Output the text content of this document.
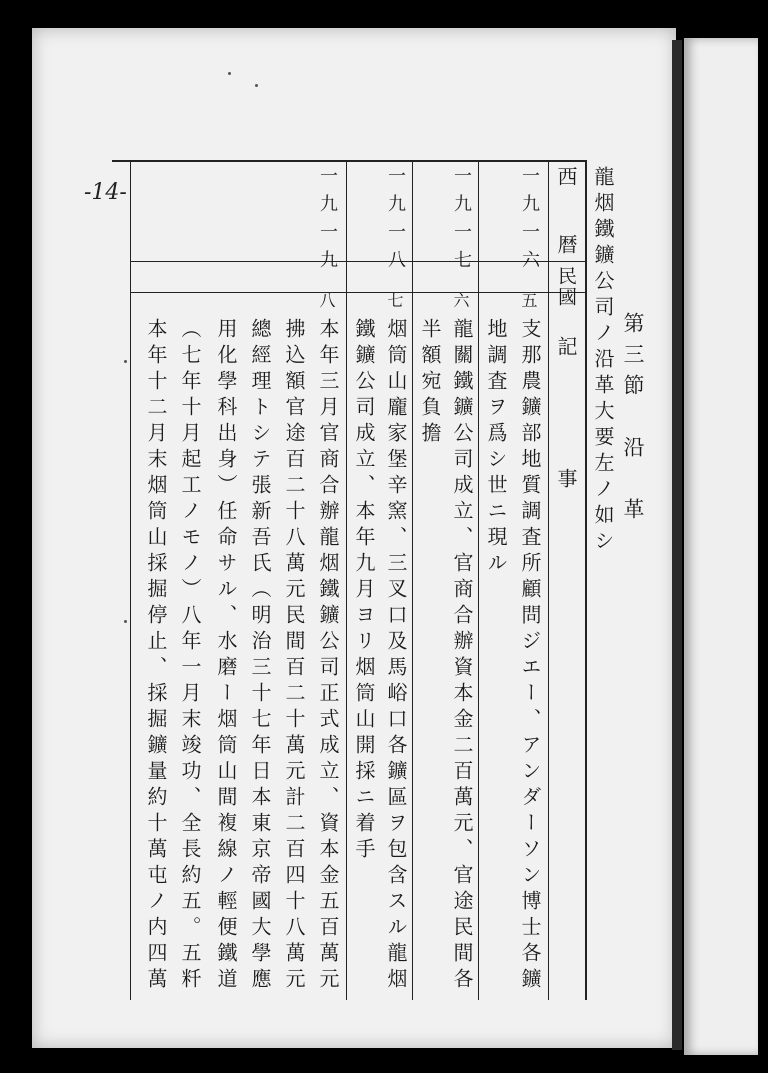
-14-
第三節　沿　革
龍烟鐵鑛公司ノ沿革大要左ノ如シ
西　暦
民國
記　　事
一九一六
五
支那農鑛部地質調査所顧問ジエー、アンダーソン博士各鑛
地調査ヲ爲シ世ニ現ル
一九一七
六
龍關鐵鑛公司成立、官商合辦資本金二百萬元、官途民間各
半額宛負擔
一九一八
七
烟筒山龐家堡辛窯、三叉口及馬峪口各鑛區ヲ包含スル龍烟
鐵鑛公司成立、本年九月ヨリ烟筒山開採ニ着手
一九一九
八
本年三月官商合辦龍烟鐵鑛公司正式成立、資本金五百萬元
拂込額官途百二十八萬元民間百二十萬元計二百四十八萬元
總經理トシテ張新吾氏（明治三十七年日本東京帝國大學應
用化學科出身）任命サル、水磨ー烟筒山間複線ノ輕便鐵道
（七年十月起工ノモノ）八年一月末竣功、全長約五。五粁
本年十二月末烟筒山採掘停止、採掘鑛量約十萬屯ノ内四萬
